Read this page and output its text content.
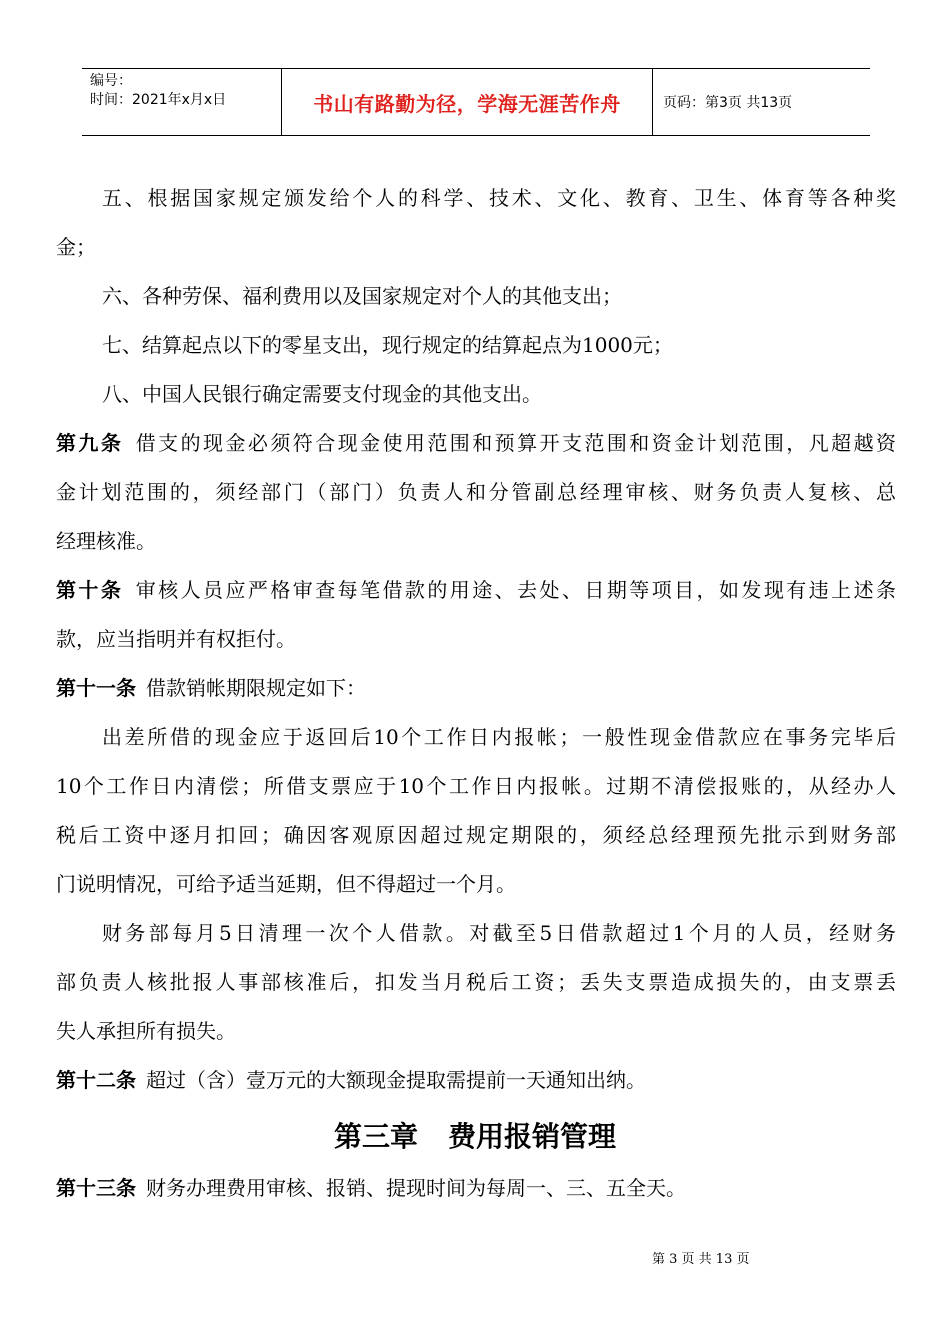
编号：
时间：2021年x月x日	书山有路勤为径，学海无涯苦作舟	页码：第3页 共13页
五、根据国家规定颁发给个人的科学、技术、文化、教育、卫生、体育等各种奖
金；
六、各种劳保、福利费用以及国家规定对个人的其他支出；
七、结算起点以下的零星支出，现行规定的结算起点为1000元；
八、中国人民银行确定需要支付现金的其他支出。
第九条 借支的现金必须符合现金使用范围和预算开支范围和资金计划范围，凡超越资
金计划范围的，须经部门（部门）负责人和分管副总经理审核、财务负责人复核、总
经理核准。
第十条 审核人员应严格审查每笔借款的用途、去处、日期等项目，如发现有违上述条
款，应当指明并有权拒付。
第十一条 借款销帐期限规定如下：
出差所借的现金应于返回后10个工作日内报帐；一般性现金借款应在事务完毕后
10个工作日内清偿；所借支票应于10个工作日内报帐。过期不清偿报账的，从经办人
税后工资中逐月扣回；确因客观原因超过规定期限的，须经总经理预先批示到财务部
门说明情况，可给予适当延期，但不得超过一个月。
财务部每月5日清理一次个人借款。对截至5日借款超过1个月的人员，经财务
部负责人核批报人事部核准后，扣发当月税后工资；丢失支票造成损失的，由支票丢
失人承担所有损失。
第十二条 超过（含）壹万元的大额现金提取需提前一天通知出纳。
第三章 费用报销管理
第十三条 财务办理费用审核、报销、提现时间为每周一、三、五全天。
第 3 页 共 13 页
